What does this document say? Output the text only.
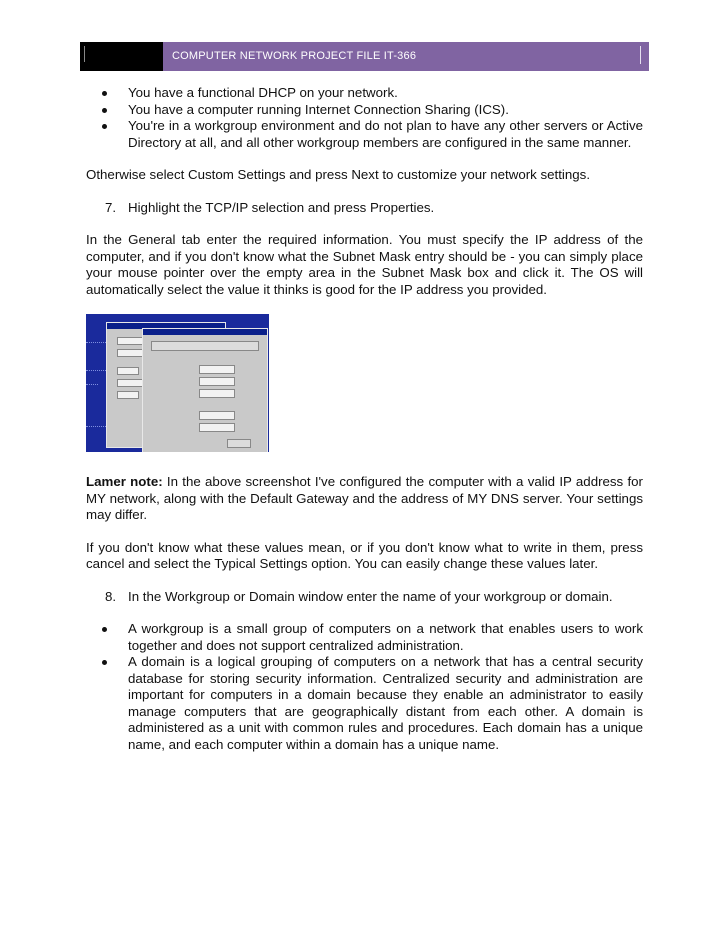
COMPUTER NETWORK PROJECT FILE IT-366
You have a functional DHCP on your network.
You have a computer running Internet Connection Sharing (ICS).
You're in a workgroup environment and do not plan to have any other servers or Active Directory at all, and all other workgroup members are configured in the same manner.

Otherwise select Custom Settings and press Next to customize your network settings.

7. Highlight the TCP/IP selection and press Properties.

In the General tab enter the required information. You must specify the IP address of the computer, and if you don't know what the Subnet Mask entry should be - you can simply place your mouse pointer over the empty area in the Subnet Mask box and click it. The OS will automatically select the value it thinks is good for the IP address you provided.

Lamer note: In the above screenshot I've configured the computer with a valid IP address for MY network, along with the Default Gateway and the address of MY DNS server. Your settings may differ.

If you don't know what these values mean, or if you don't know what to write in them, press cancel and select the Typical Settings option. You can easily change these values later.

8. In the Workgroup or Domain window enter the name of your workgroup or domain.
A workgroup is a small group of computers on a network that enables users to work together and does not support centralized administration.
A domain is a logical grouping of computers on a network that has a central security database for storing security information. Centralized security and administration are important for computers in a domain because they enable an administrator to easily manage computers that are geographically distant from each other. A domain is administered as a unit with common rules and procedures. Each domain has a unique name, and each computer within a domain has a unique name.
